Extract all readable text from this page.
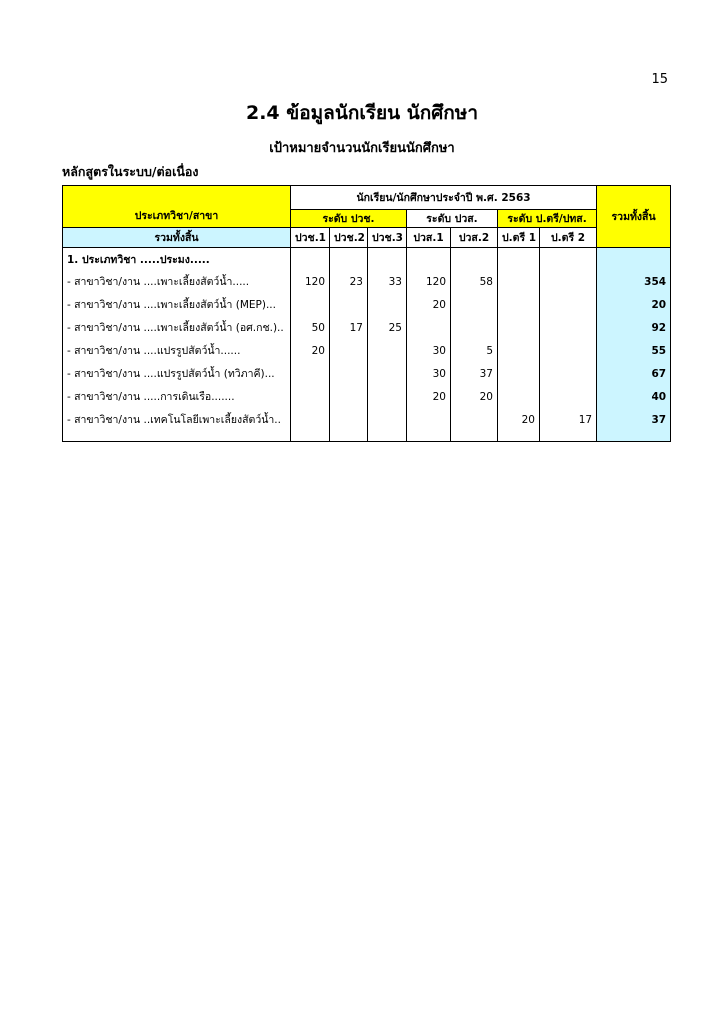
15
2.4 ข้อมูลนักเรียน นักศึกษา
เป้าหมายจำนวนนักเรียนนักศึกษา
หลักสูตรในระบบ/ต่อเนื่อง
ประเภทวิชา/สาขา	นักเรียน/นักศึกษาประจำปี พ.ศ. 2563							รวมทั้งสิ้น
	ระดับ ปวช.			ระดับ ปวส.		ระดับ ป.ตรี/ปทส.		
รวมทั้งสิ้น	ปวช.1	ปวช.2	ปวช.3	ปวส.1	ปวส.2	ป.ตรี 1	ป.ตรี 2	
1. ประเภทวิชา .....ประมง.....								
- สาขาวิชา/งาน ....เพาะเลี้ยงสัตว์น้ำ.....	120	23	33	120	58			354
- สาขาวิชา/งาน ....เพาะเลี้ยงสัตว์น้ำ (MEP)...				20				20
- สาขาวิชา/งาน ....เพาะเลี้ยงสัตว์น้ำ (อศ.กช.)..	50	17	25					92
- สาขาวิชา/งาน ....แปรรูปสัตว์น้ำ......	20			30	5			55
- สาขาวิชา/งาน ....แปรรูปสัตว์น้ำ (ทวิภาคี)...				30	37			67
- สาขาวิชา/งาน .....การเดินเรือ.......				20	20			40
- สาขาวิชา/งาน ..เทคโนโลยีเพาะเลี้ยงสัตว์น้ำ..						20	17	37
